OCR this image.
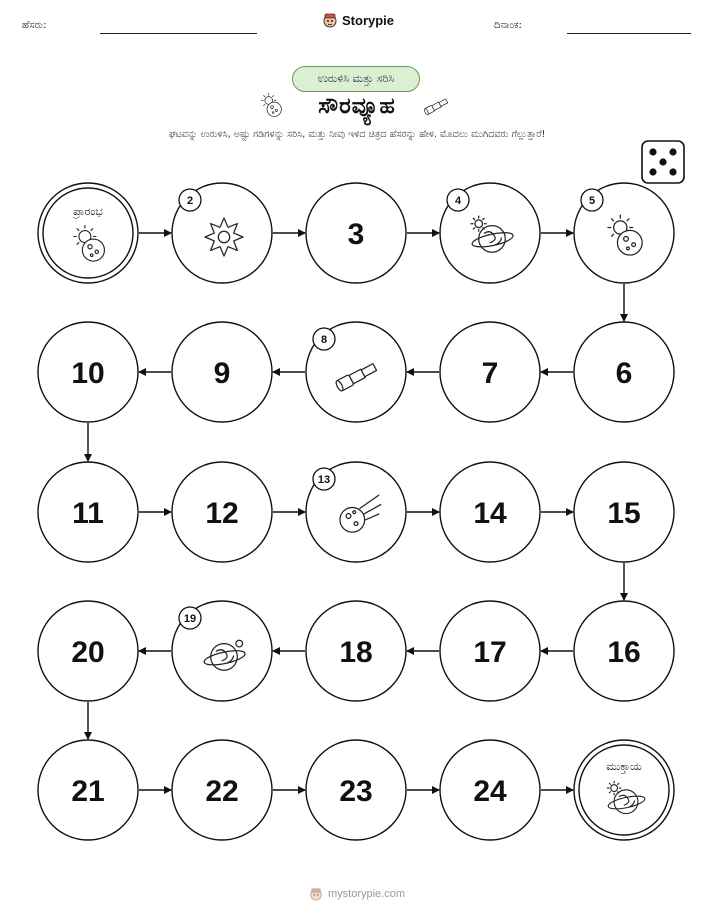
ಹೆಸರು:	Storypie	ದಿನಾಂಕ:
ಉರುಳಿಸಿ ಮತ್ತು ಸರಿಸಿ
ಸೌರವ್ಯೂಹ
ಘಟವನ್ನು ಉರುಳಿಸಿ, ಅಷ್ಟು ಗಡಿಗಳನ್ನು ಸರಿಸಿ, ಮತ್ತು ನೀವು ಇಳಿದ ಚಿತ್ರದ ಹೆಸರನ್ನು ಹೇಳಿ. ಮೊದಲು ಮುಗಿದವರು ಗೆಲ್ಲುತ್ತಾರೆ!
ಪ್ರಾರಂಭ
2
3
4	5
6
7
8
9
10
11	12
13
14	15
16
17
18
19
20
21	22	23	24
ಮುಕ್ತಾಯ
mystorypie.com
